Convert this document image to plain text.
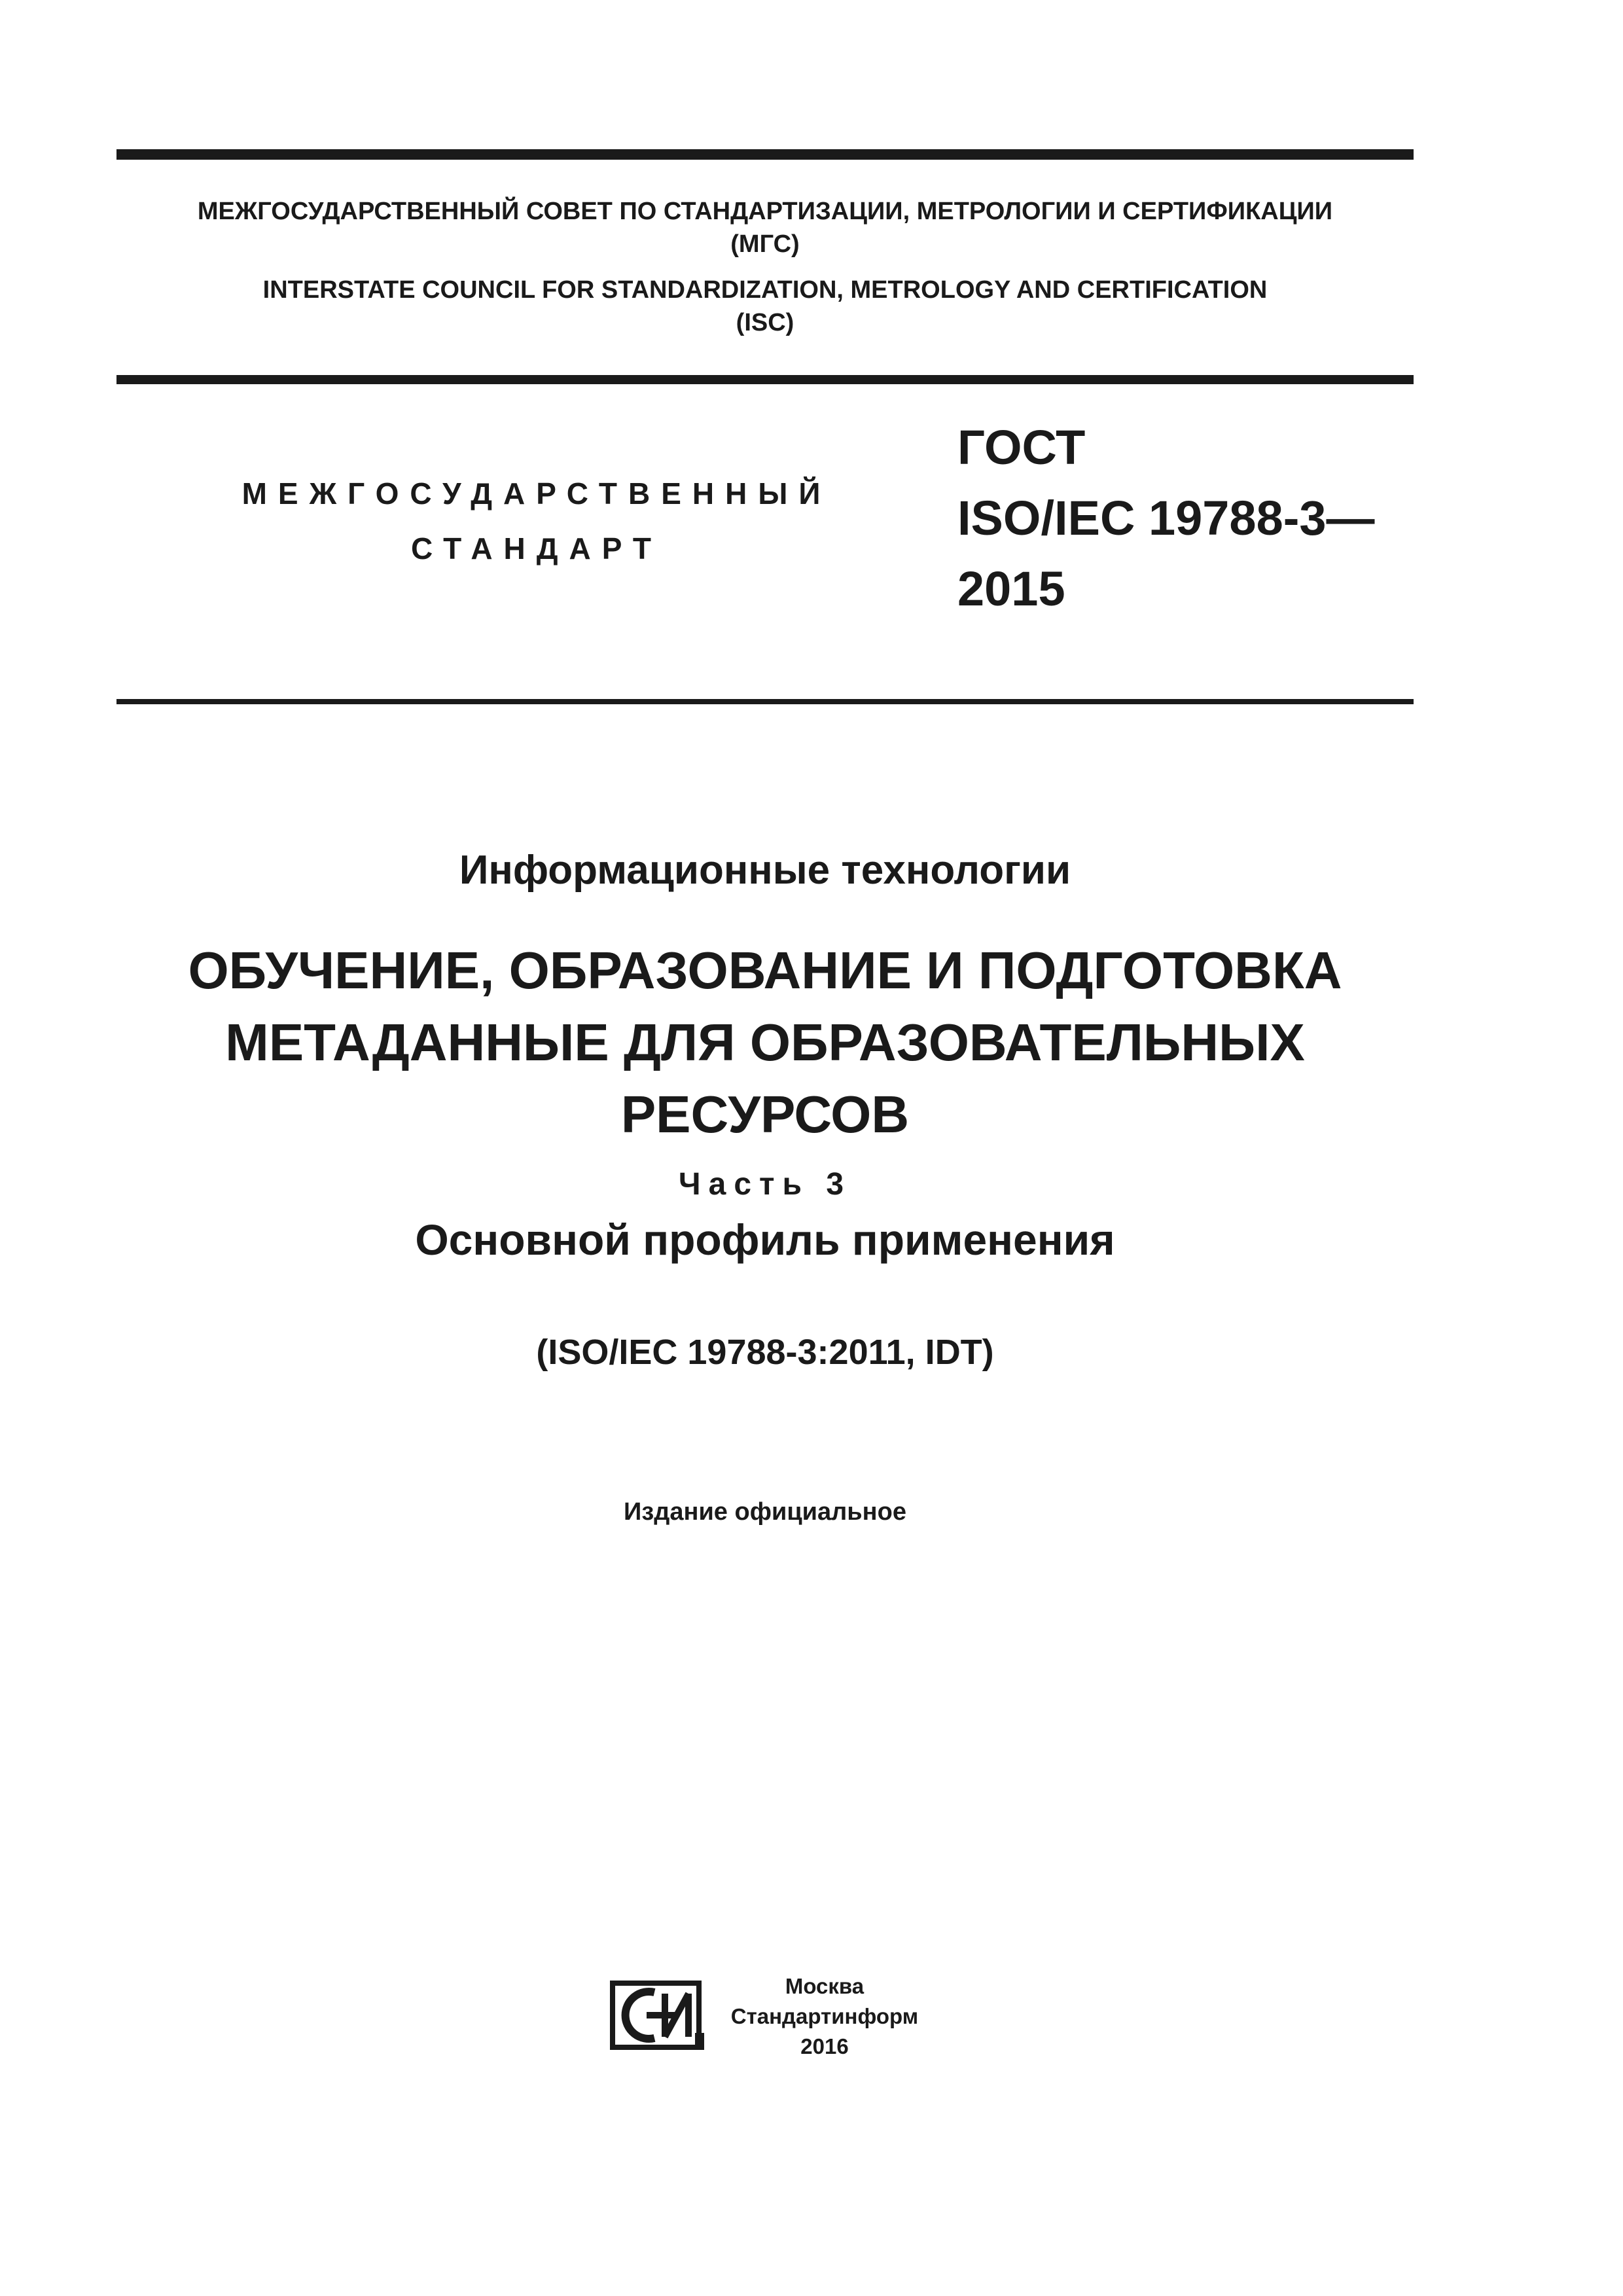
МЕЖГОСУДАРСТВЕННЫЙ СОВЕТ ПО СТАНДАРТИЗАЦИИ, МЕТРОЛОГИИ И СЕРТИФИКАЦИИ
(МГС)
INTERSTATE COUNCIL FOR STANDARDIZATION, METROLOGY AND CERTIFICATION
(ISC)
МЕЖГОСУДАРСТВЕННЫЙ
СТАНДАРТ
ГОСТ
ISO/IEC 19788-3—
2015
Информационные технологии
ОБУЧЕНИЕ, ОБРАЗОВАНИЕ И ПОДГОТОВКА
МЕТАДАННЫЕ ДЛЯ ОБРАЗОВАТЕЛЬНЫХ
РЕСУРСОВ
Часть 3
Основной профиль применения
(ISO/IEC 19788-3:2011, IDT)
Издание официальное
Москва
Стандартинформ
2016
